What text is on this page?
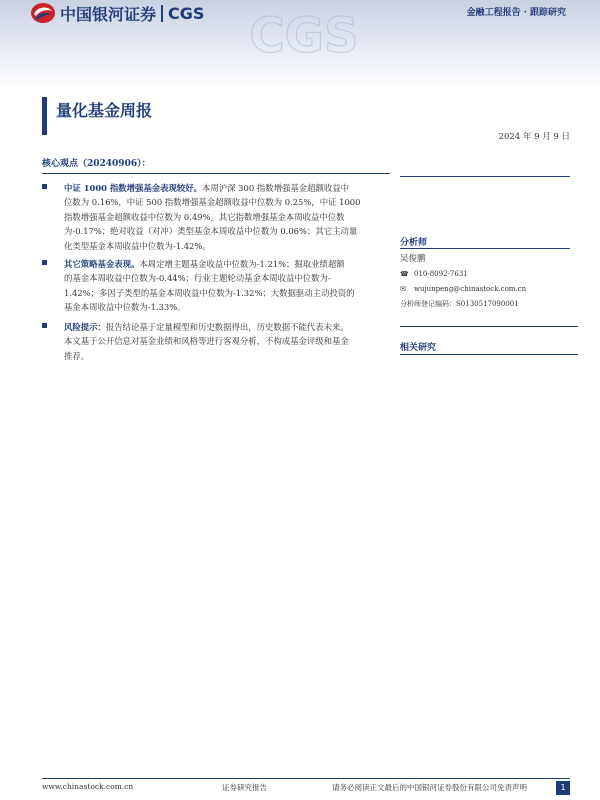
中国银河证券 CGS CGS	金融工程报告 · 跟踪研究
量化基金周报
2024 年 9 月 9 日
核心观点（20240906）：
中证 1000 指数增强基金表现较好。本周沪深 300 指数增强基金超额收益中
位数为 0.16%，中证 500 指数增强基金超额收益中位数为 0.25%，中证 1000
指数增强基金超额收益中位数为 0.49%。其它指数增强基金本周收益中位数
为-0.17%；绝对收益（对冲）类型基金本周收益中位数为 0.06%；其它主动量
化类型基金本周收益中位数为-1.42%。
其它策略基金表现。本周定增主题基金收益中位数为-1.21%；掘取业绩超额
的基金本周收益中位数为-0.44%；行业主题轮动基金本周收益中位数为-
1.42%；多因子类型的基金本周收益中位数为-1.32%；大数据驱动主动投资的
基金本周收益中位数为-1.33%。
风险提示：报告结论基于定量模型和历史数据得出，历史数据不能代表未来。
本文基于公开信息对基金业绩和风格等进行客观分析，不构成基金评级和基金
推荐。
分析师
吴俊鹏
☎ 010-8092-7631
✉	wujunpeng@chinastock.com.cn
分析师登记编码： S0130517090001
相关研究
www.chinastock.com.cn	证券研究报告	请务必阅读正文最后的中国银河证券股份有限公司免责声明	1
